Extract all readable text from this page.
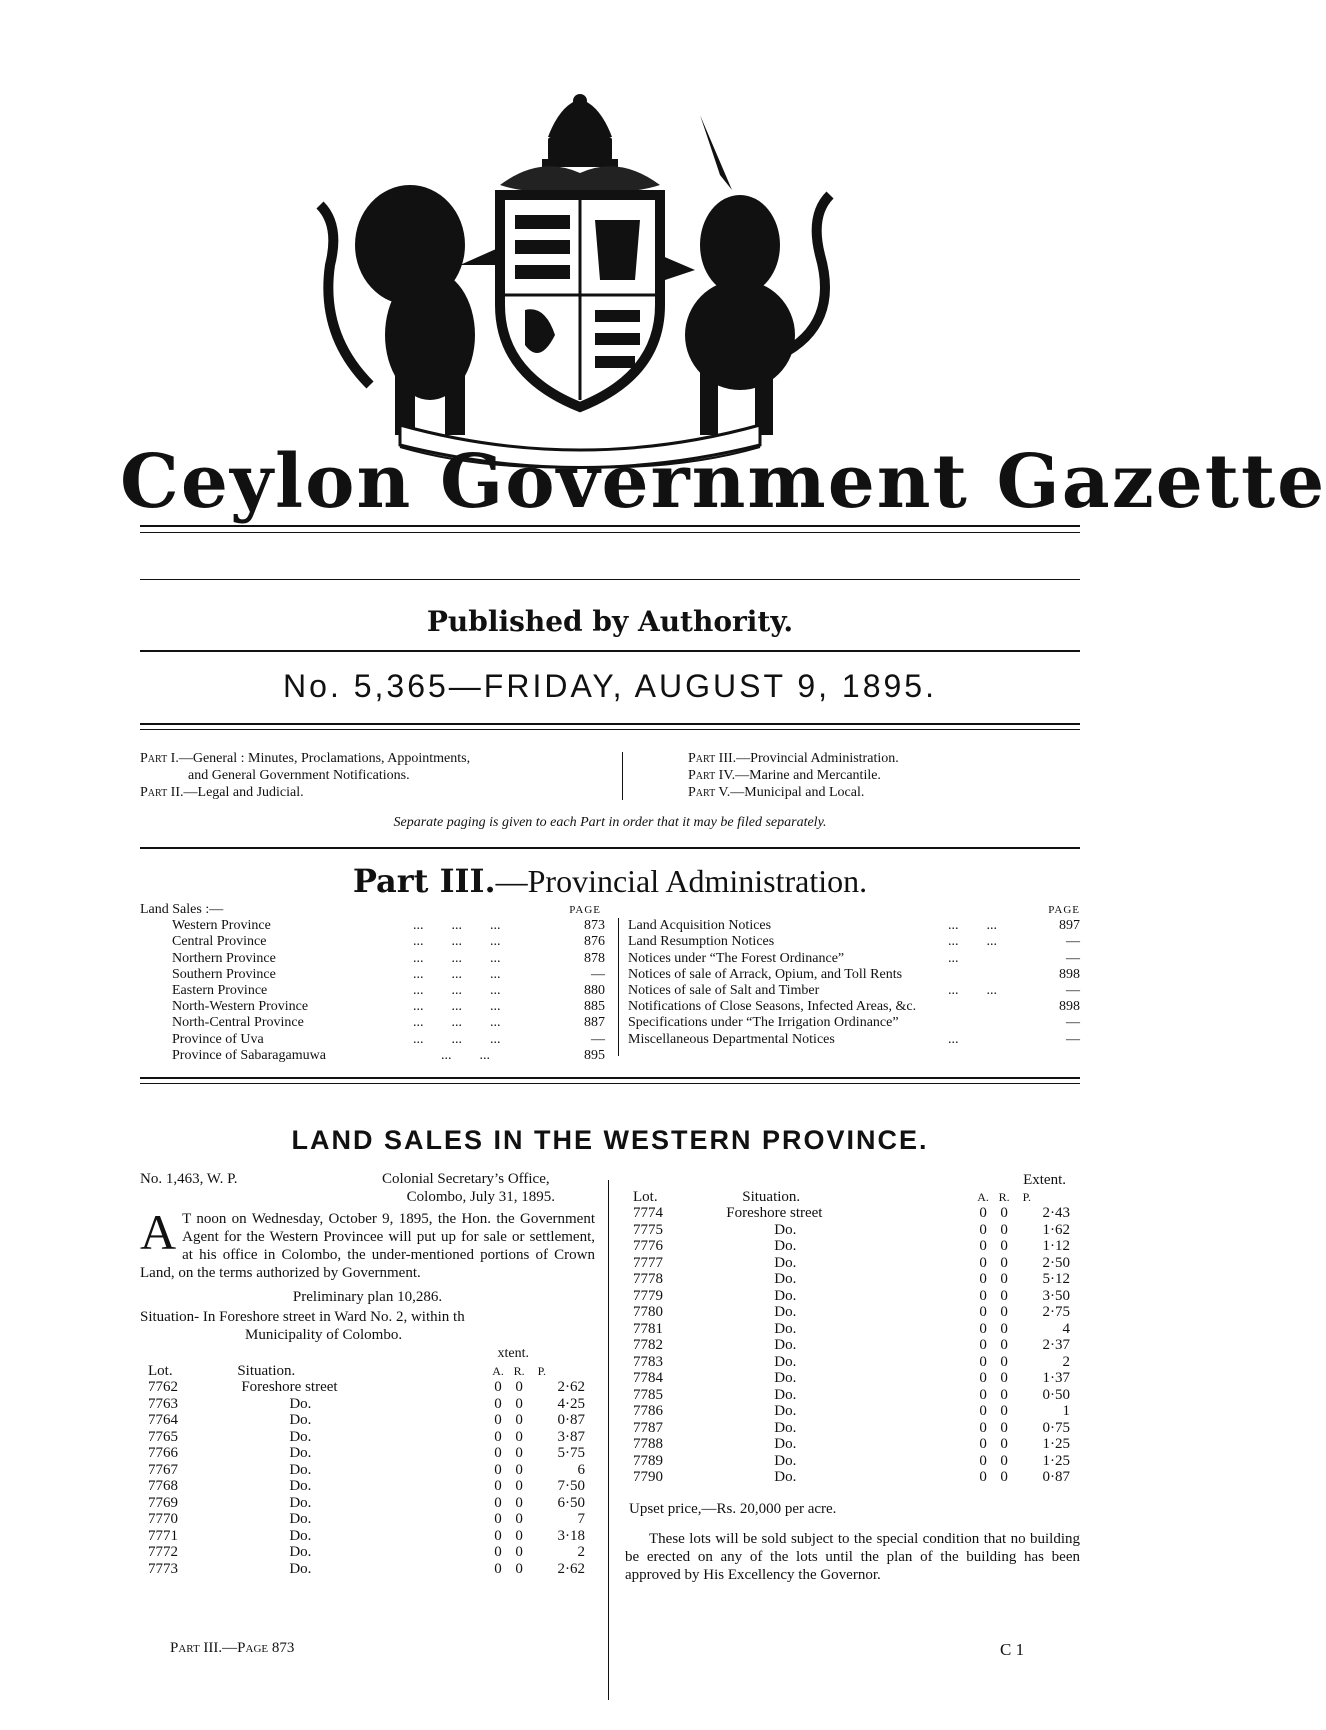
Ceylon Government Gazette
Published by Authority.
No. 5,365—FRIDAY, AUGUST 9, 1895.
Part I.—General : Minutes, Proclamations, Appointments,
and General Government Notifications.
Part II.—Legal and Judicial.
Part III.—Provincial Administration.
Part IV.—Marine and Mercantile.
Part V.—Municipal and Local.
Separate paging is given to each Part in order that it may be filed separately.
Part III.—Provincial Administration.
Land Sales :—	PAGE
Western Province	...        ...        ...	873
Central Province	...        ...        ...	876
Northern Province	...        ...        ...	878
Southern Province	...        ...        ...	—
Eastern Province	...        ...        ...	880
North-Western Province	...        ...        ...	885
North-Central Province	...        ...        ...	887
Province of Uva	...        ...        ...	—
Province of Sabaragamuwa	...        ...	895
PAGE
Land Acquisition Notices	...        ...	897
Land Resumption Notices	...        ...	—
Notices under “The Forest Ordinance”	...	—
Notices of sale of Arrack, Opium, and Toll Rents	898
Notices of sale of Salt and Timber	...        ...	—
Notifications of Close Seasons, Infected Areas, &c.	898
Specifications under “The Irrigation Ordinance”	—
Miscellaneous Departmental Notices	...	—
LAND SALES IN THE WESTERN PROVINCE.
No. 1,463, W. P.	Colonial Secretary’s Office,
Colombo, July 31, 1895.
A T noon on Wednesday, October 9, 1895, the Hon. the Government Agent for the Western Provincee will put up for sale or settlement, at his office in Colombo, the under-mentioned portions of Crown Land, on the terms authorized by Government.
Preliminary plan 10,286.
Situation- In Foreshore street in Ward No. 2, within th
Municipality of Colombo.
		xtent.		
Lot.	Situation.	A.	R.	P.
7762	Foreshore street	0	0	2·62
7763	Do.	0	0	4·25
7764	Do.	0	0	0·87
7765	Do.	0	0	3·87
7766	Do.	0	0	5·75
7767	Do.	0	0	6
7768	Do.	0	0	7·50
7769	Do.	0	0	6·50
7770	Do.	0	0	7
7771	Do.	0	0	3·18
7772	Do.	0	0	2
7773	Do.	0	0	2·62
		Extent.		
Lot.	Situation.	A.	R.	P.
7774	Foreshore street	0	0	2·43
7775	Do.	0	0	1·62
7776	Do.	0	0	1·12
7777	Do.	0	0	2·50
7778	Do.	0	0	5·12
7779	Do.	0	0	3·50
7780	Do.	0	0	2·75
7781	Do.	0	0	4
7782	Do.	0	0	2·37
7783	Do.	0	0	2
7784	Do.	0	0	1·37
7785	Do.	0	0	0·50
7786	Do.	0	0	1
7787	Do.	0	0	0·75
7788	Do.	0	0	1·25
7789	Do.	0	0	1·25
7790	Do.	0	0	0·87
Upset price,—Rs. 20,000 per acre.
These lots will be sold subject to the special condition that no building be erected on any of the lots until the plan of the building has been approved by His Excellency the Governor.
Part III.—Page 873	C 1
